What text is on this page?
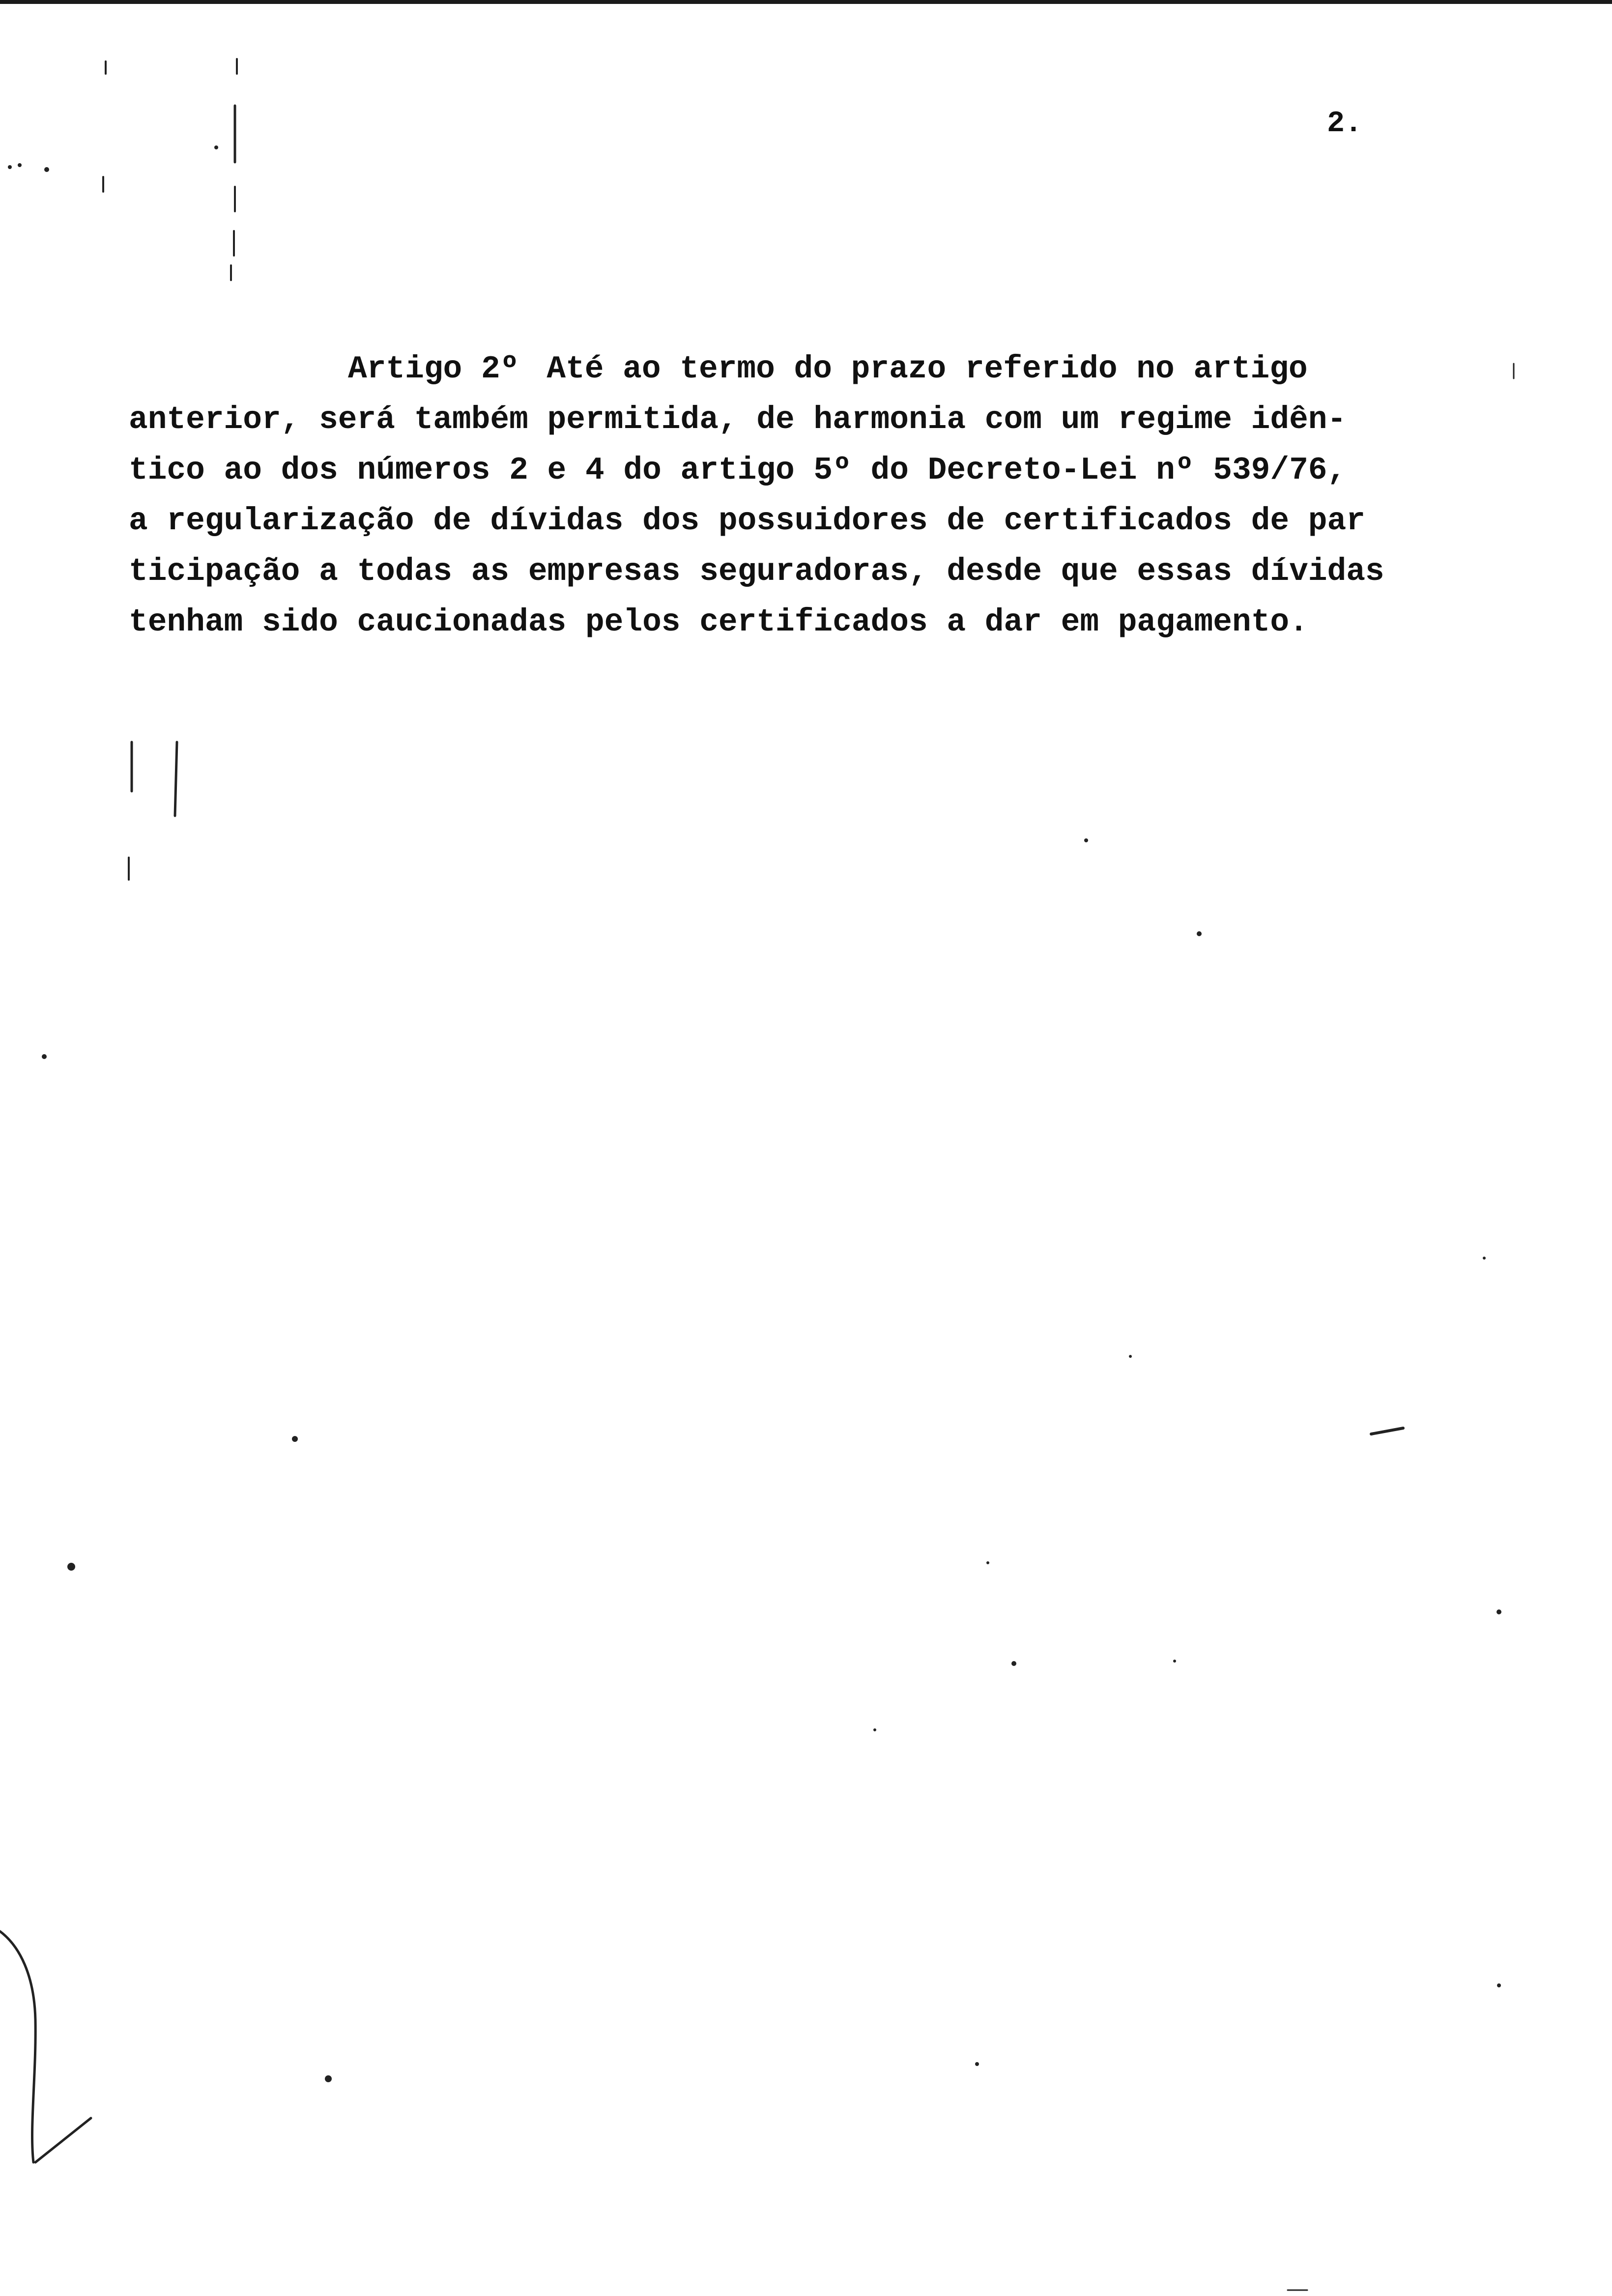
2.
Artigo 2º Até ao termo do prazo referido no artigo
anterior, será também permitida, de harmonia com um regime idên-
tico ao dos números 2 e 4 do artigo 5º do Decreto-Lei nº 539/76,
a regularização de dívidas dos possuidores de certificados de par
ticipação a todas as empresas seguradoras, desde que essas dívidas
tenham sido caucionadas pelos certificados a dar em pagamento.
